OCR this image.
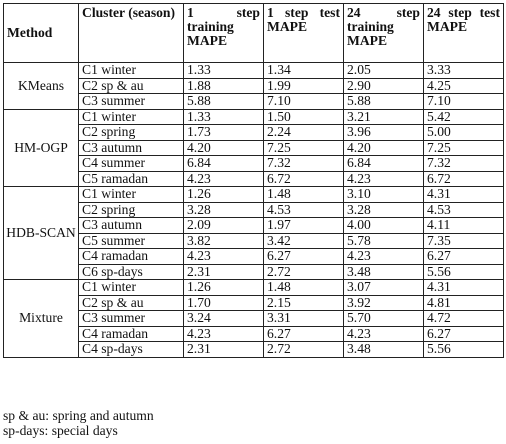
Method	Cluster (season)	1 step training MAPE	1 step test MAPE	24 step training MAPE	24 step test MAPE
KMeans	C1 winter	1.33	1.34	2.05	3.33
	C2 sp & au	1.88	1.99	2.90	4.25
	C3 summer	5.88	7.10	5.88	7.10
HM-OGP	C1 winter	1.33	1.50	3.21	5.42
	C2 spring	1.73	2.24	3.96	5.00
	C3 autumn	4.20	7.25	4.20	7.25
	C4 summer	6.84	7.32	6.84	7.32
	C5 ramadan	4.23	6.72	4.23	6.72
HDB-SCAN	C1 winter	1.26	1.48	3.10	4.31
	C2 spring	3.28	4.53	3.28	4.53
	C3 autumn	2.09	1.97	4.00	4.11
	C5 summer	3.82	3.42	5.78	7.35
	C4 ramadan	4.23	6.27	4.23	6.27
	C6 sp-days	2.31	2.72	3.48	5.56
Mixture	C1 winter	1.26	1.48	3.07	4.31
	C2 sp & au	1.70	2.15	3.92	4.81
	C3 summer	3.24	3.31	5.70	4.72
	C4 ramadan	4.23	6.27	4.23	6.27
	C4 sp-days	2.31	2.72	3.48	5.56
sp & au: spring and autumn
sp-days: special days
